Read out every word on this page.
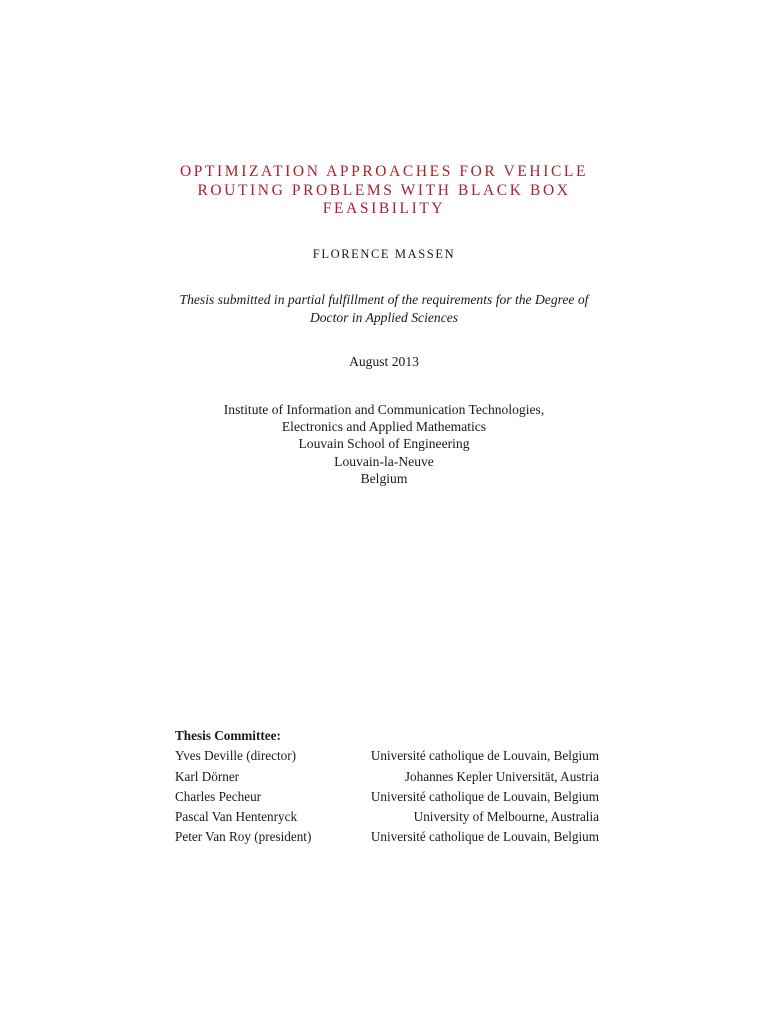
OPTIMIZATION APPROACHES FOR VEHICLE
ROUTING PROBLEMS WITH BLACK BOX
FEASIBILITY
FLORENCE MASSEN
Thesis submitted in partial fulfillment of the requirements for the Degree of
Doctor in Applied Sciences
August 2013
Institute of Information and Communication Technologies,
Electronics and Applied Mathematics
Louvain School of Engineering
Louvain-la-Neuve
Belgium
Thesis Committee:
Yves Deville (director)	Université catholique de Louvain, Belgium
Karl Dörner	Johannes Kepler Universität, Austria
Charles Pecheur	Université catholique de Louvain, Belgium
Pascal Van Hentenryck	University of Melbourne, Australia
Peter Van Roy (president)	Université catholique de Louvain, Belgium
